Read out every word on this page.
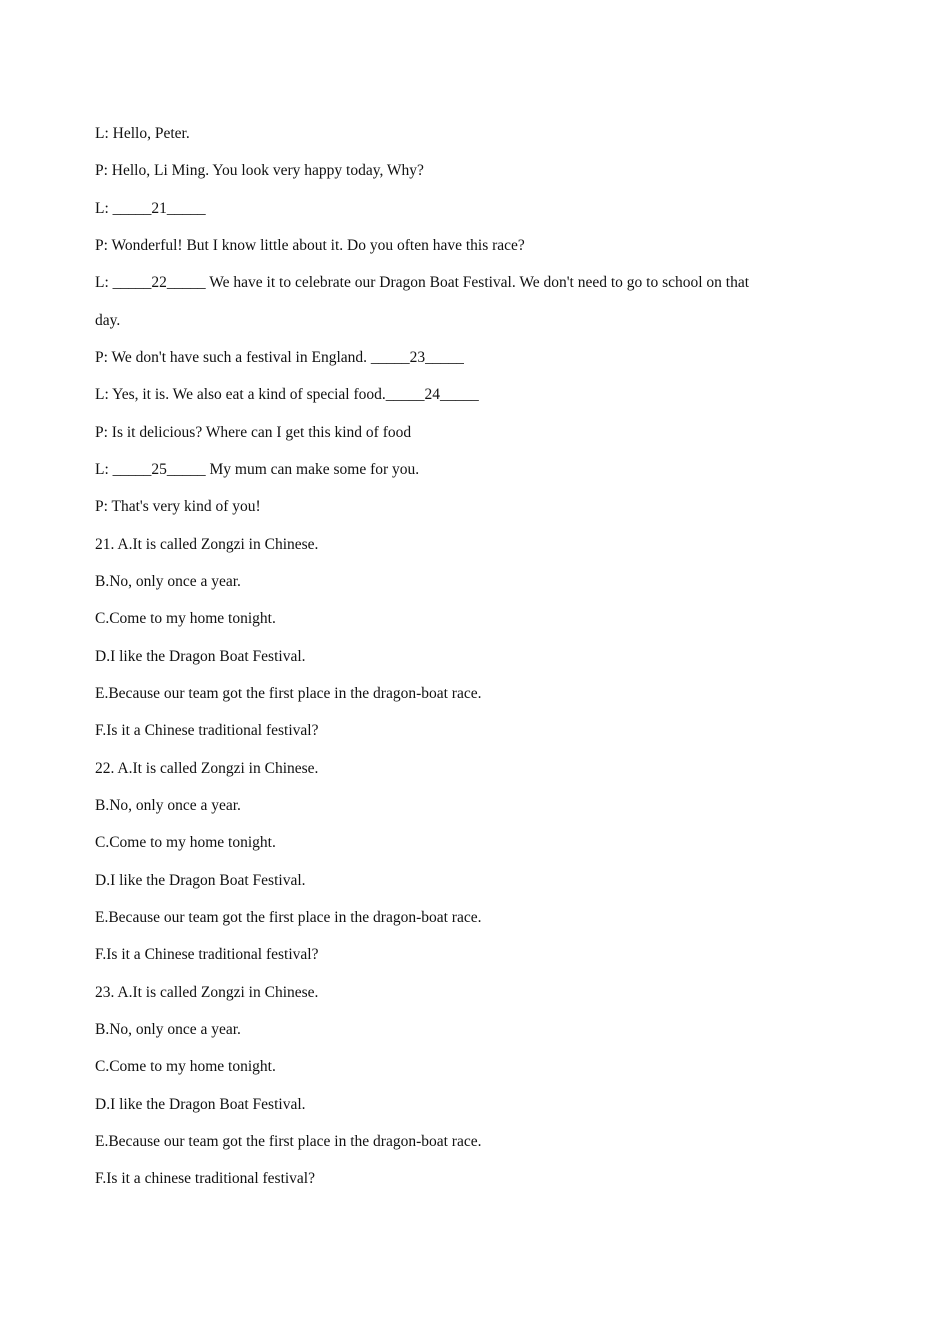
L: Hello, Peter.
P: Hello, Li Ming. You look very happy today, Why?
L: _____21_____
P: Wonderful! But I know little about it. Do you often have this race?
L: _____22_____ We have it to celebrate our Dragon Boat Festival. We don't need to go to school on that
day.
P: We don't have such a festival in England. _____23_____
L: Yes, it is. We also eat a kind of special food._____24_____
P: Is it delicious? Where can I get this kind of food
L: _____25_____ My mum can make some for you.
P: That's very kind of you!
21. A.It is called Zongzi in Chinese.
B.No, only once a year.
C.Come to my home tonight.
D.I like the Dragon Boat Festival.
E.Because our team got the first place in the dragon-boat race.
F.Is it a Chinese traditional festival?
22. A.It is called Zongzi in Chinese.
B.No, only once a year.
C.Come to my home tonight.
D.I like the Dragon Boat Festival.
E.Because our team got the first place in the dragon-boat race.
F.Is it a Chinese traditional festival?
23. A.It is called Zongzi in Chinese.
B.No, only once a year.
C.Come to my home tonight.
D.I like the Dragon Boat Festival.
E.Because our team got the first place in the dragon-boat race.
F.Is it a chinese traditional festival?
